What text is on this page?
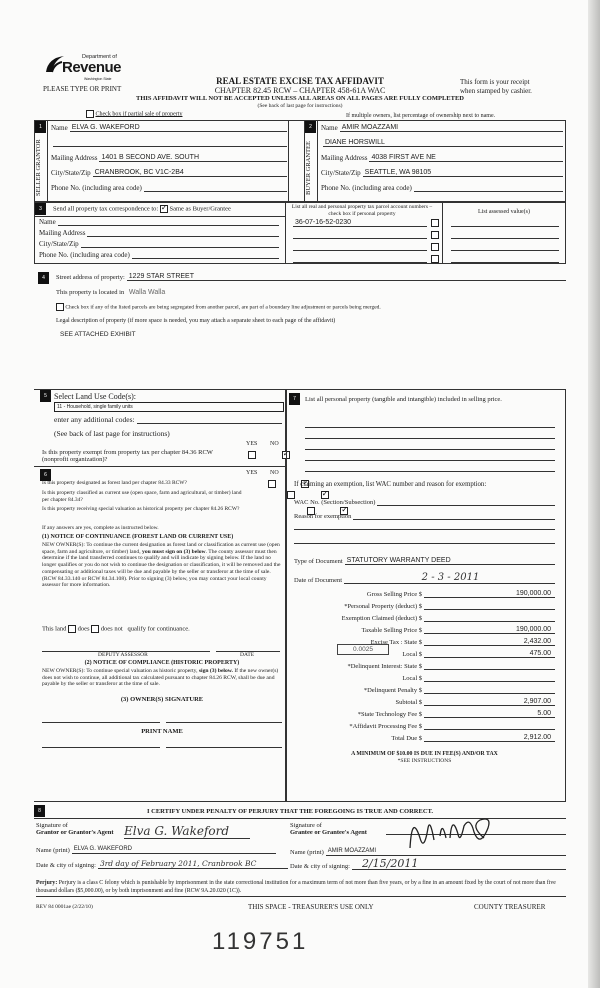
Department of
Revenue
Washington State
PLEASE TYPE OR PRINT
REAL ESTATE EXCISE TAX AFFIDAVIT
CHAPTER 82.45 RCW – CHAPTER 458-61A WAC
THIS AFFIDAVIT WILL NOT BE ACCEPTED UNLESS ALL AREAS ON ALL PAGES ARE FULLY COMPLETED
(See back of last page for instructions)
This form is your receipt
when stamped by cashier.
Check box if partial sale of property	If multiple owners, list percentage of ownership next to name.
1
SELLER GRANTOR
Name ELVA G. WAKEFORD
Mailing Address 1401 B SECOND AVE. SOUTH
City/State/Zip CRANBROOK, BC V1C-2B4
Phone No. (including area code)
2
BUYER GRANTEE
Name AMIR MOAZZAMI
DIANE HORSWILL
Mailing Address 4038 FIRST AVE NE
City/State/Zip SEATTLE, WA 98105
Phone No. (including area code)
3	Send all property tax correspondence to: ✓ Same as Buyer/Grantee
Name
Mailing Address
City/State/Zip
Phone No. (including area code)
List all real and personal property tax parcel account numbers – check box if personal property	List assessed value(s)
36-07-16-52-0230
4	Street address of property: 1229 STAR STREET
This property is located in Walla Walla
Check box if any of the listed parcels are being segregated from another parcel, are part of a boundary line adjustment or parcels being merged.
Legal description of property (if more space is needed, you may attach a separate sheet to each page of the affidavit)
SEE ATTACHED EXHIBIT
5 Select Land Use Code(s):
11 - Household, single family units
enter any additional codes:
(See back of last page for instructions)
YES NO
Is this property exempt from property tax per chapter 84.36 RCW (nonprofit organization)?
✓
6	YES NO
Is this property designated as forest land per chapter 84.33 RCW?
✓
Is this property classified as current use (open space, farm and agricultural, or timber) land per chapter 84.34?
✓
Is this property receiving special valuation as historical property per chapter 84.26 RCW?
✓
If any answers are yes, complete as instructed below.
(1) NOTICE OF CONTINUANCE (FOREST LAND OR CURRENT USE)
NEW OWNER(S): To continue the current designation as forest land or classification as current use (open space, farm and agriculture, or timber) land, you must sign on (3) below. The county assessor must then determine if the land transferred continues to qualify and will indicate by signing below. If the land no longer qualifies or you do not wish to continue the designation or classification, it will be removed and the compensating or additional taxes will be due and payable by the seller or transferor at the time of sale. (RCW 84.33.140 or RCW 84.34.108). Prior to signing (3) below, you may contact your local county assessor for more information.
This land does does not qualify for continuance.
DEPUTY ASSESSOR	DATE
(2) NOTICE OF COMPLIANCE (HISTORIC PROPERTY)
NEW OWNER(S): To continue special valuation as historic property, sign (3) below. If the new owner(s) does not wish to continue, all additional tax calculated pursuant to chapter 84.26 RCW, shall be due and payable by the seller or transferor at the time of sale.
(3) OWNER(S) SIGNATURE
PRINT NAME
7	List all personal property (tangible and intangible) included in selling price.
If claiming an exemption, list WAC number and reason for exemption:
WAC No. (Section/Subsection)
Reason for exemption
Type of Document STATUTORY WARRANTY DEED
Date of Document	2 - 3 - 2011
Gross Selling Price $	190,000.00
*Personal Property (deduct) $
Exemption Claimed (deduct) $
Taxable Selling Price $	190,000.00
Excise Tax : State $	2,432.00
0.0025
Local $	475.00
*Delinquent Interest: State $
Local $
*Delinquent Penalty $
Subtotal $	2,907.00
*State Technology Fee $	5.00
*Affidavit Processing Fee $
Total Due $	2,912.00
A MINIMUM OF $10.00 IS DUE IN FEE(S) AND/OR TAX
*SEE INSTRUCTIONS
8	I CERTIFY UNDER PENALTY OF PERJURY THAT THE FOREGOING IS TRUE AND CORRECT.
Signature of
Grantor or Grantor's Agent Elva G. Wakeford
Name (print) ELVA G. WAKEFORD
Date & city of signing: 3rd day of February 2011, Cranbrook BC
Signature of
Grantee or Grantee's Agent
Name (print) AMIR MOAZZAMI
Date & city of signing:	2/15/2011
Perjury: Perjury is a class C felony which is punishable by imprisonment in the state correctional institution for a maximum term of not more than five years, or by a fine in an amount fixed by the court of not more than five thousand dollars ($5,000.00), or by both imprisonment and fine (RCW 9A.20.020 (1C)).
REV 84 0001ae (2/22/10)	THIS SPACE - TREASURER'S USE ONLY	COUNTY TREASURER
119751
